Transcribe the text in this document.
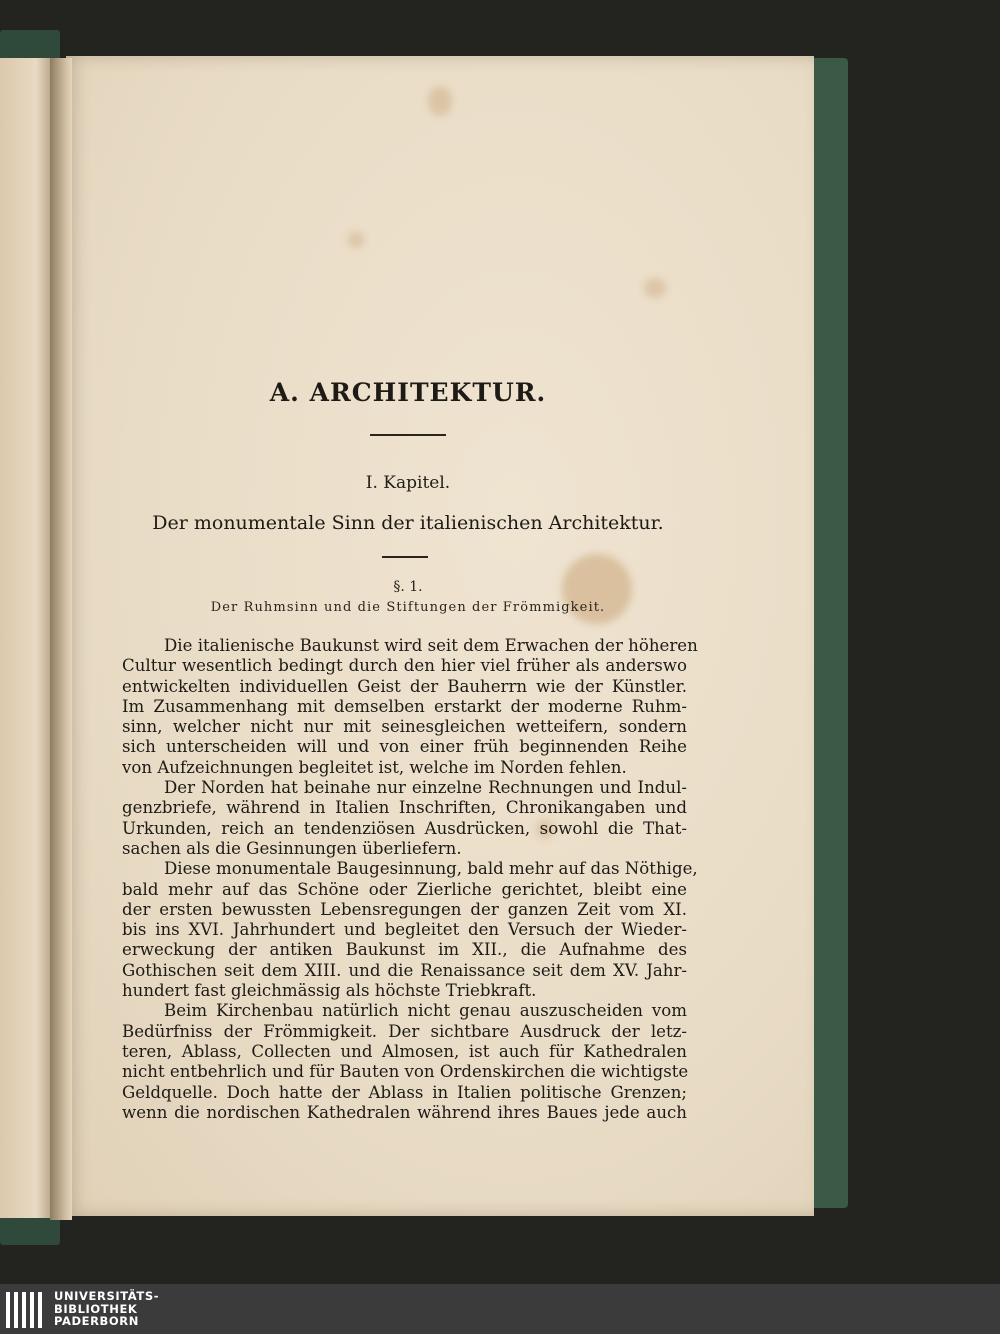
A. ARCHITEKTUR.
I. Kapitel.
Der monumentale Sinn der italienischen Architektur.
§. 1.
Der Ruhmsinn und die Stiftungen der Frömmigkeit.
Die italienische Baukunst wird seit dem Erwachen der höheren
Cultur wesentlich bedingt durch den hier viel früher als anderswo
entwickelten individuellen Geist der Bauherrn wie der Künstler.
Im Zusammenhang mit demselben erstarkt der moderne Ruhm-
sinn, welcher nicht nur mit seinesgleichen wetteifern, sondern
sich unterscheiden will und von einer früh beginnenden Reihe
von Aufzeichnungen begleitet ist, welche im Norden fehlen.
Der Norden hat beinahe nur einzelne Rechnungen und Indul-
genzbriefe, während in Italien Inschriften, Chronikangaben und
Urkunden, reich an tendenziösen Ausdrücken, sowohl die That-
sachen als die Gesinnungen überliefern.
Diese monumentale Baugesinnung, bald mehr auf das Nöthige,
bald mehr auf das Schöne oder Zierliche gerichtet, bleibt eine
der ersten bewussten Lebensregungen der ganzen Zeit vom XI.
bis ins XVI. Jahrhundert und begleitet den Versuch der Wieder-
erweckung der antiken Baukunst im XII., die Aufnahme des
Gothischen seit dem XIII. und die Renaissance seit dem XV. Jahr-
hundert fast gleichmässig als höchste Triebkraft.
Beim Kirchenbau natürlich nicht genau auszuscheiden vom
Bedürfniss der Frömmigkeit. Der sichtbare Ausdruck der letz-
teren, Ablass, Collecten und Almosen, ist auch für Kathedralen
nicht entbehrlich und für Bauten von Ordenskirchen die wichtigste
Geldquelle. Doch hatte der Ablass in Italien politische Grenzen;
wenn die nordischen Kathedralen während ihres Baues jede auch
UNIVERSITÄTS-
BIBLIOTHEK
PADERBORN
